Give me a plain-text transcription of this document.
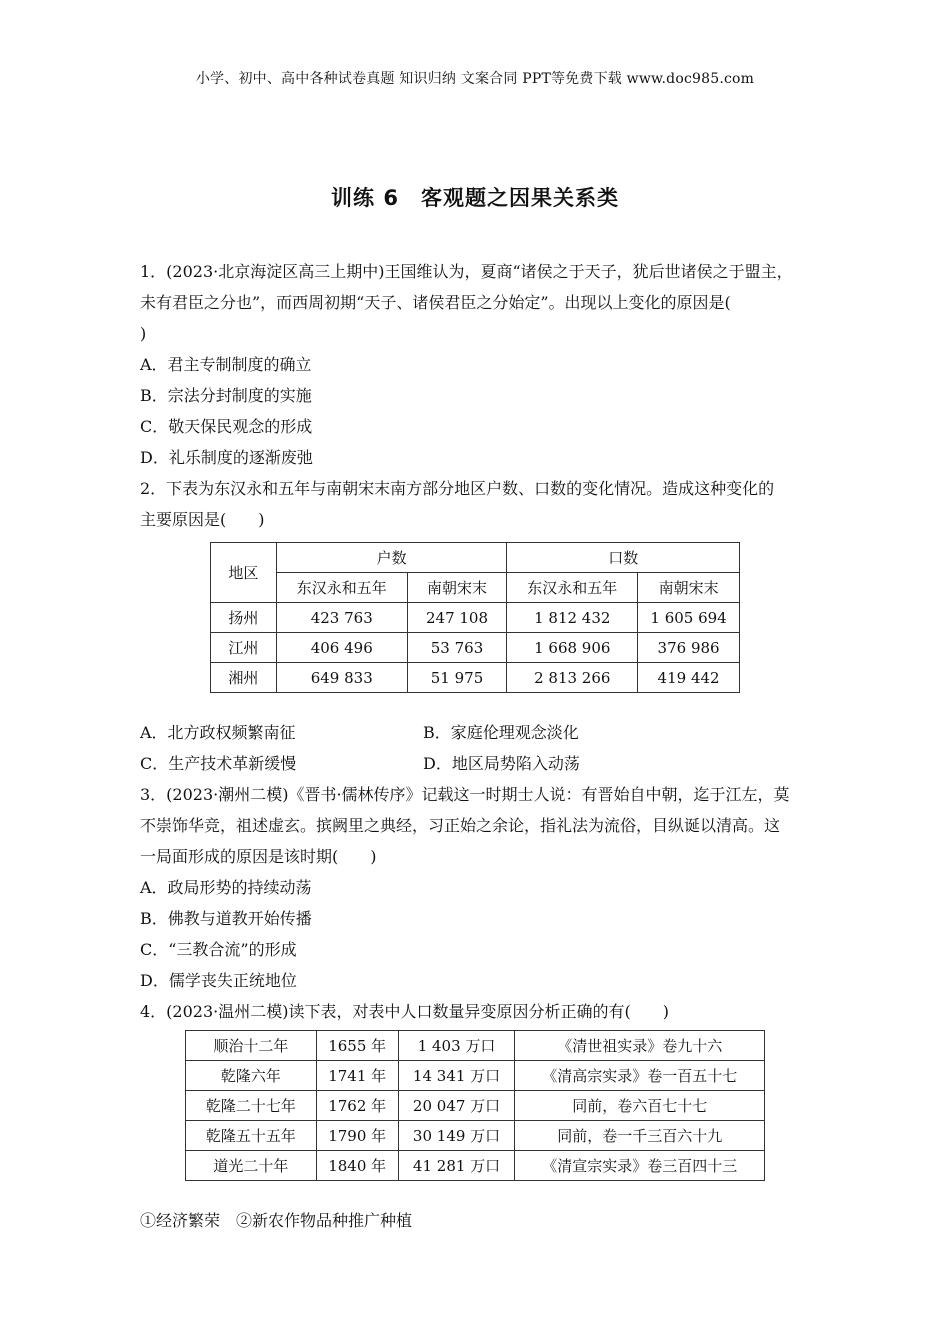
小学、初中、高中各种试卷真题 知识归纳 文案合同 PPT等免费下载 www.doc985.com
训练 6　客观题之因果关系类
1．(2023·北京海淀区高三上期中)王国维认为，夏商“诸侯之于天子，犹后世诸侯之于盟主，
未有君臣之分也”，而西周初期“天子、诸侯君臣之分始定”。出现以上变化的原因是(
)
A．君主专制制度的确立
B．宗法分封制度的实施
C．敬天保民观念的形成
D．礼乐制度的逐渐废弛
2．下表为东汉永和五年与南朝宋末南方部分地区户数、口数的变化情况。造成这种变化的
主要原因是(　　)
地区	户数		口数	
	东汉永和五年	南朝宋末	东汉永和五年	南朝宋末
扬州	423 763	247 108	1 812 432	1 605 694
江州	406 496	53 763	1 668 906	376 986
湘州	649 833	51 975	2 813 266	419 442
A．北方政权频繁南征	B．家庭伦理观念淡化
C．生产技术革新缓慢	D．地区局势陷入动荡
3．(2023·潮州二模)《晋书·儒林传序》记载这一时期士人说：有晋始自中朝，迄于江左，莫
不崇饰华竞，祖述虚玄。摈阙里之典经，习正始之余论，指礼法为流俗，目纵诞以清高。这
一局面形成的原因是该时期(　　)
A．政局形势的持续动荡
B．佛教与道教开始传播
C．“三教合流”的形成
D．儒学丧失正统地位
4．(2023·温州二模)读下表，对表中人口数量异变原因分析正确的有(　　)
顺治十二年	1655 年	1 403 万口	《清世祖实录》卷九十六
乾隆六年	1741 年	14 341 万口	《清高宗实录》卷一百五十七
乾隆二十七年	1762 年	20 047 万口	同前，卷六百七十七
乾隆五十五年	1790 年	30 149 万口	同前，卷一千三百六十九
道光二十年	1840 年	41 281 万口	《清宣宗实录》卷三百四十三
①经济繁荣　②新农作物品种推广种植
